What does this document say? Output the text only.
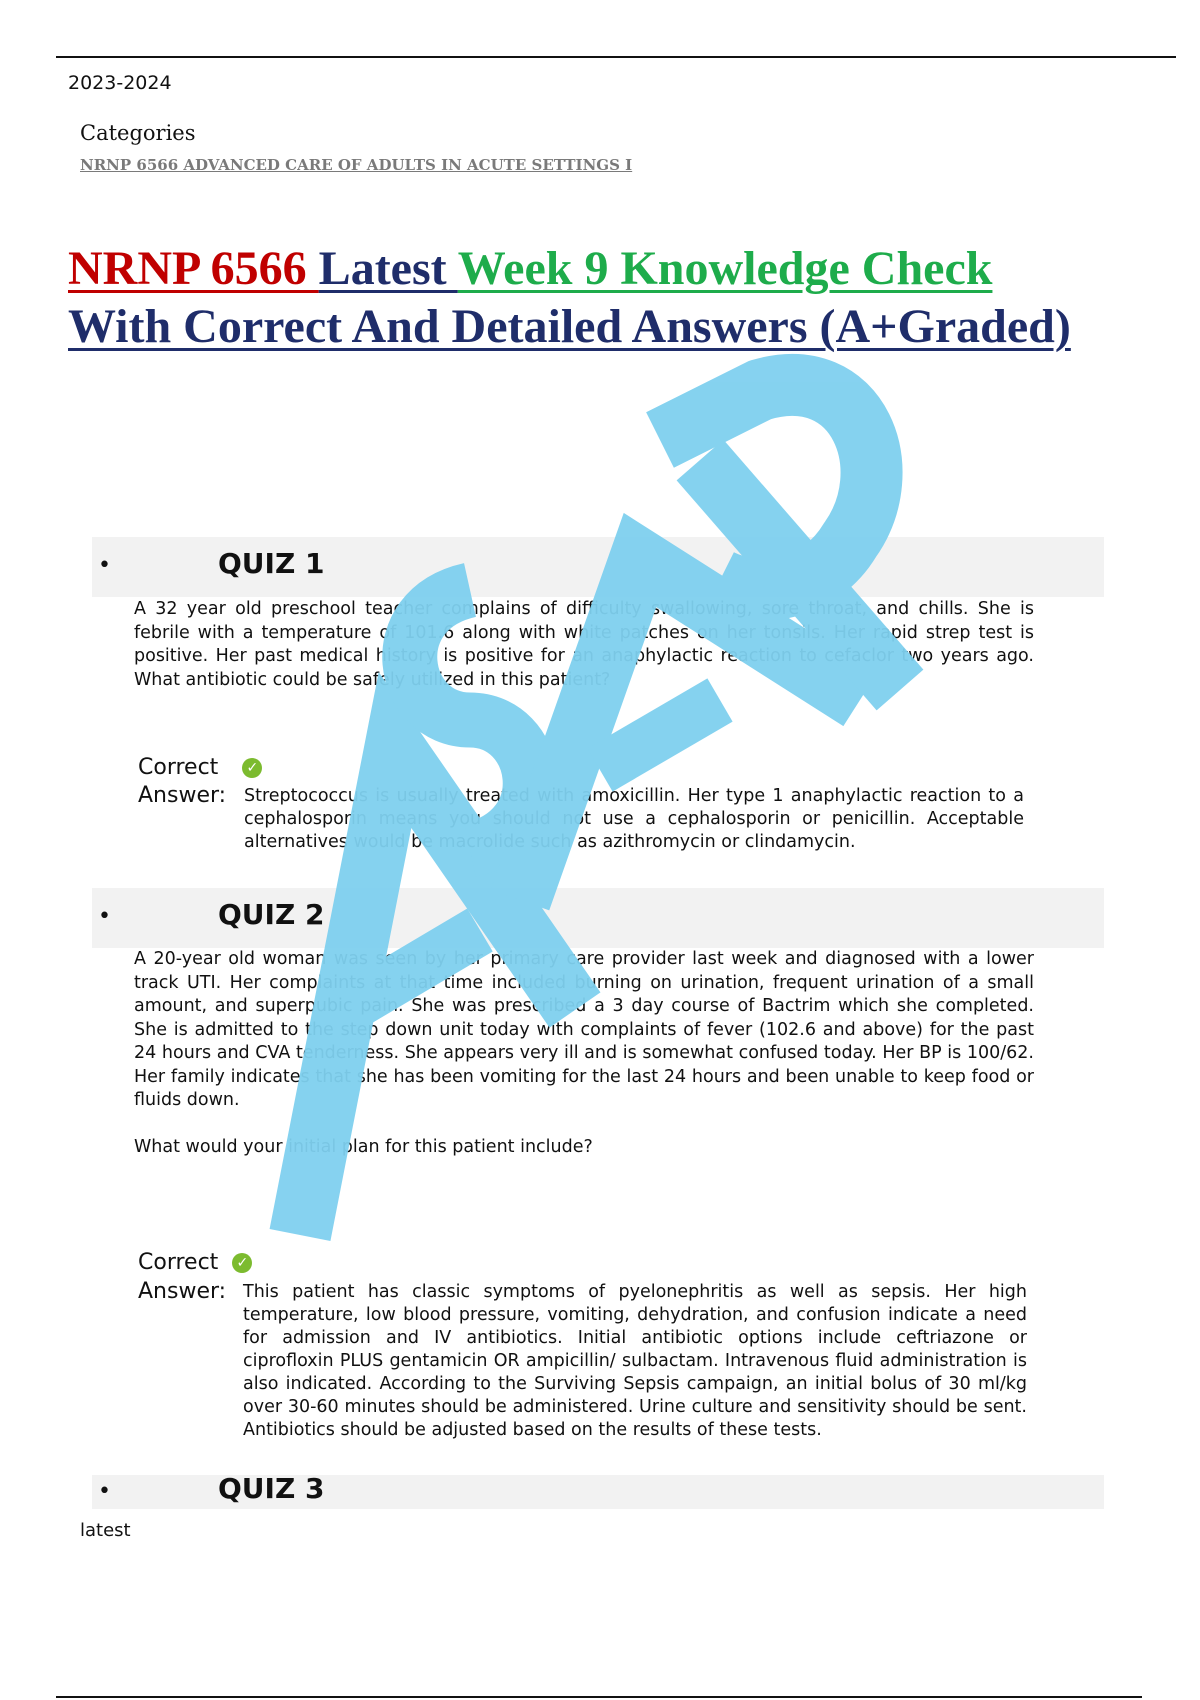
2023-2024
Categories
NRNP 6566 ADVANCED CARE OF ADULTS IN ACUTE SETTINGS I
NRNP 6566 Latest Week 9 Knowledge Check
With Correct And Detailed Answers (A+Graded)
•	QUIZ 1
A 32 year old preschool teacher complains of difficulty swallowing, sore throat, and chills. She is febrile with a temperature of 101.6 along with white patches on her tonsils. Her rapid strep test is positive. Her past medical history is positive for an anaphylactic reaction to cefaclor two years ago. What antibiotic could be safely utilized in this patient?
Correct ✓
Answer: Streptococcus is usually treated with amoxicillin. Her type 1 anaphylactic reaction to a cephalosporin means you should not use a cephalosporin or penicillin. Acceptable alternatives would be macrolide such as azithromycin or clindamycin.
•	QUIZ 2
A 20-year old woman was seen by her primary care provider last week and diagnosed with a lower track UTI. Her complaints at that time included burning on urination, frequent urination of a small amount, and superpubic pain. She was prescribed a 3 day course of Bactrim which she completed. She is admitted to the step down unit today with complaints of fever (102.6 and above) for the past 24 hours and CVA tenderness. She appears very ill and is somewhat confused today. Her BP is 100/62. Her family indicates that she has been vomiting for the last 24 hours and been unable to keep food or fluids down.

What would your initial plan for this patient include?
Correct ✓
Answer: This patient has classic symptoms of pyelonephritis as well as sepsis. Her high temperature, low blood pressure, vomiting, dehydration, and confusion indicate a need for admission and IV antibiotics. Initial antibiotic options include ceftriazone or ciprofloxin PLUS gentamicin OR ampicillin/ sulbactam. Intravenous fluid administration is also indicated. According to the Surviving Sepsis campaign, an initial bolus of 30 ml/kg over 30-60 minutes should be administered. Urine culture and sensitivity should be sent. Antibiotics should be adjusted based on the results of these tests.
•	QUIZ 3
latest
